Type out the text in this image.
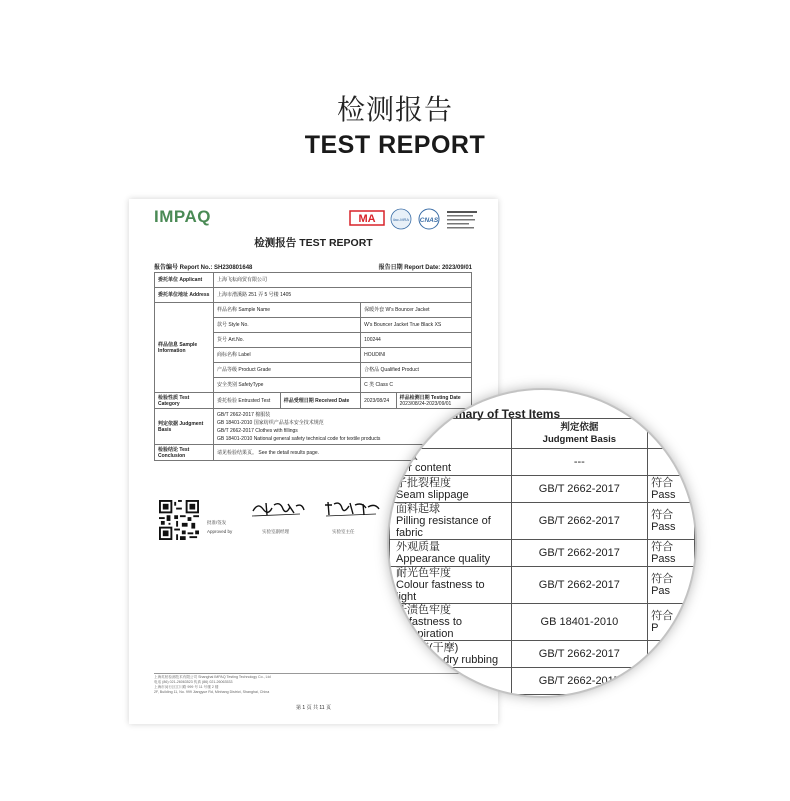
检测报告
TEST REPORT
IMPAQ	MA	ilac-MRA CNAS
检测报告 TEST REPORT
报告编号 Report No.: SH230801648	报告日期 Report Date: 2023/09/01
委托单位 Applicant	上海飞耘商贸有限公司			
委托单位地址 Address	上海市漕溪路 251 弄 5 号楼 1405			
样品信息 Sample Information	样品名称 Sample Name		保暖外套 W's Bouncer Jacket	
	款号 Style No.		W's Bouncer Jacket True Black XS	
	货号 Art.No.		100244	
	商标名称 Label		HOUDINI	
	产品等级 Product Grade		合格品 Qualified Product	
	安全类别 SafetyType		C 类 Class C	
检验性质 Test Category	委托检验 Entrusted Test	样品受理日期 Received Date	2023/08/24	样品检测日期 Testing Date
2023/08/24-2023/09/01
判定依据 Judgment Basis	GB/T 2662-2017 棉服装
GB 18401-2010 国家纺织产品基本安全技术规范
GB/T 2662-2017 Clothes with fillings
GB 18401-2010 National general safety technical code for textile products			
检验结论 Test Conclusion	请见检验结果页。 See the detail results page.			
批准/签发
Approved by	实验室副经理	实验室主任
上海英柏检测技术有限公司 Shanghai IMPAQ Testing Technology Co., Ltd
电话 (86) 021-26063523 传真 (86) 021-26063533
上海市闵行区江川路 999 号 11 号楼 2 楼
2F, Building 11, No. 999 Jiangyue Rd, Minhang District, Shanghai, China
第 1 页 共 11 页
Summary of Test Items
	判定依据
Judgment Basis	
含量
ber content	---	

子批裂程度
Seam slippage	GB/T 2662-2017	符合
Pass
面料起球
Pilling resistance of fabric	GB/T 2662-2017	符合
Pass
外观质量
Appearance quality	GB/T 2662-2017	符合
Pass
耐光色牢度
Colour fastness to light	GB/T 2662-2017	符合
Pas
汗渍色牢度
ur fastness to perspiration	GB 18401-2010	符合
P
色牢度(干摩)
stness to dry rubbing	GB/T 2662-2017	

	GB/T 2662-2017	
